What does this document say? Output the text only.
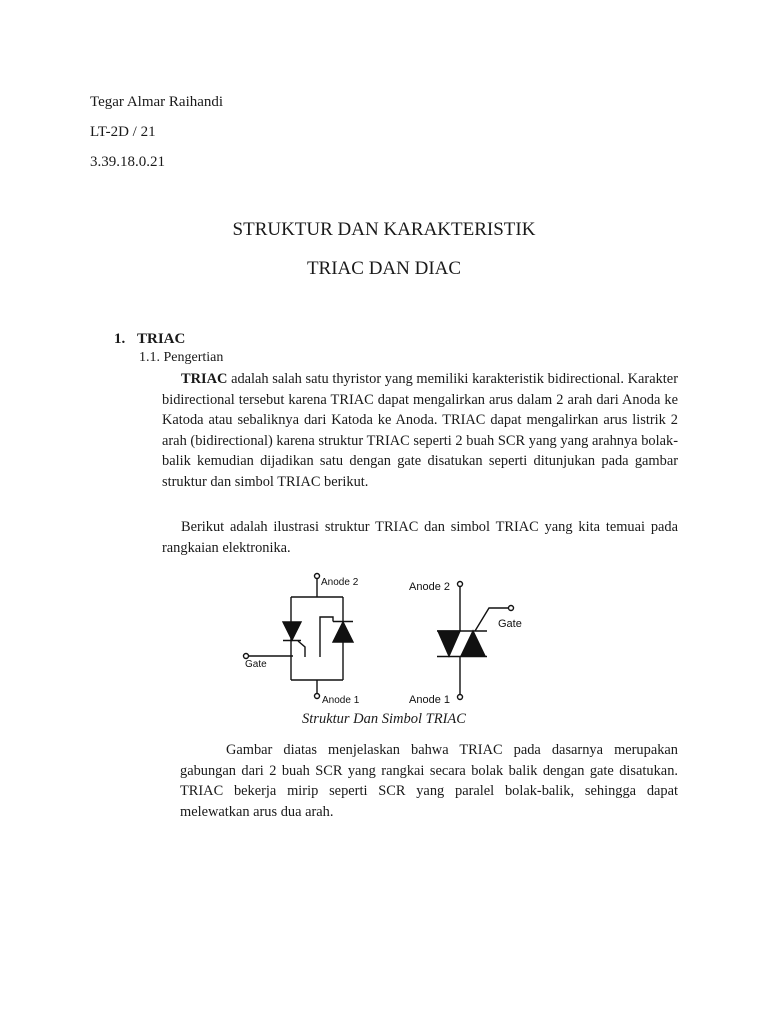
Tegar Almar Raihandi
LT-2D / 21
3.39.18.0.21
STRUKTUR DAN KARAKTERISTIK
TRIAC DAN DIAC
1. TRIAC
1.1. Pengertian
TRIAC adalah salah satu thyristor yang memiliki karakteristik bidirectional. Karakter bidirectional tersebut karena TRIAC dapat mengalirkan arus dalam 2 arah dari Anoda ke Katoda atau sebaliknya dari Katoda ke Anoda. TRIAC dapat mengalirkan arus listrik 2 arah (bidirectional) karena struktur TRIAC seperti 2 buah SCR yang yang arahnya bolak-balik kemudian dijadikan satu dengan gate disatukan seperti ditunjukan pada gambar struktur dan simbol TRIAC berikut.
Berikut adalah ilustrasi struktur TRIAC dan simbol TRIAC yang kita temuai pada rangkaian elektronika.
Anode 2
Gate
Anode 1
Anode 2
Gate
Anode 1
Struktur Dan Simbol TRIAC
Gambar diatas menjelaskan bahwa TRIAC pada dasarnya merupakan gabungan dari 2 buah SCR yang rangkai secara bolak balik dengan gate disatukan. TRIAC bekerja mirip seperti SCR yang paralel bolak-balik, sehingga dapat melewatkan arus dua arah.
